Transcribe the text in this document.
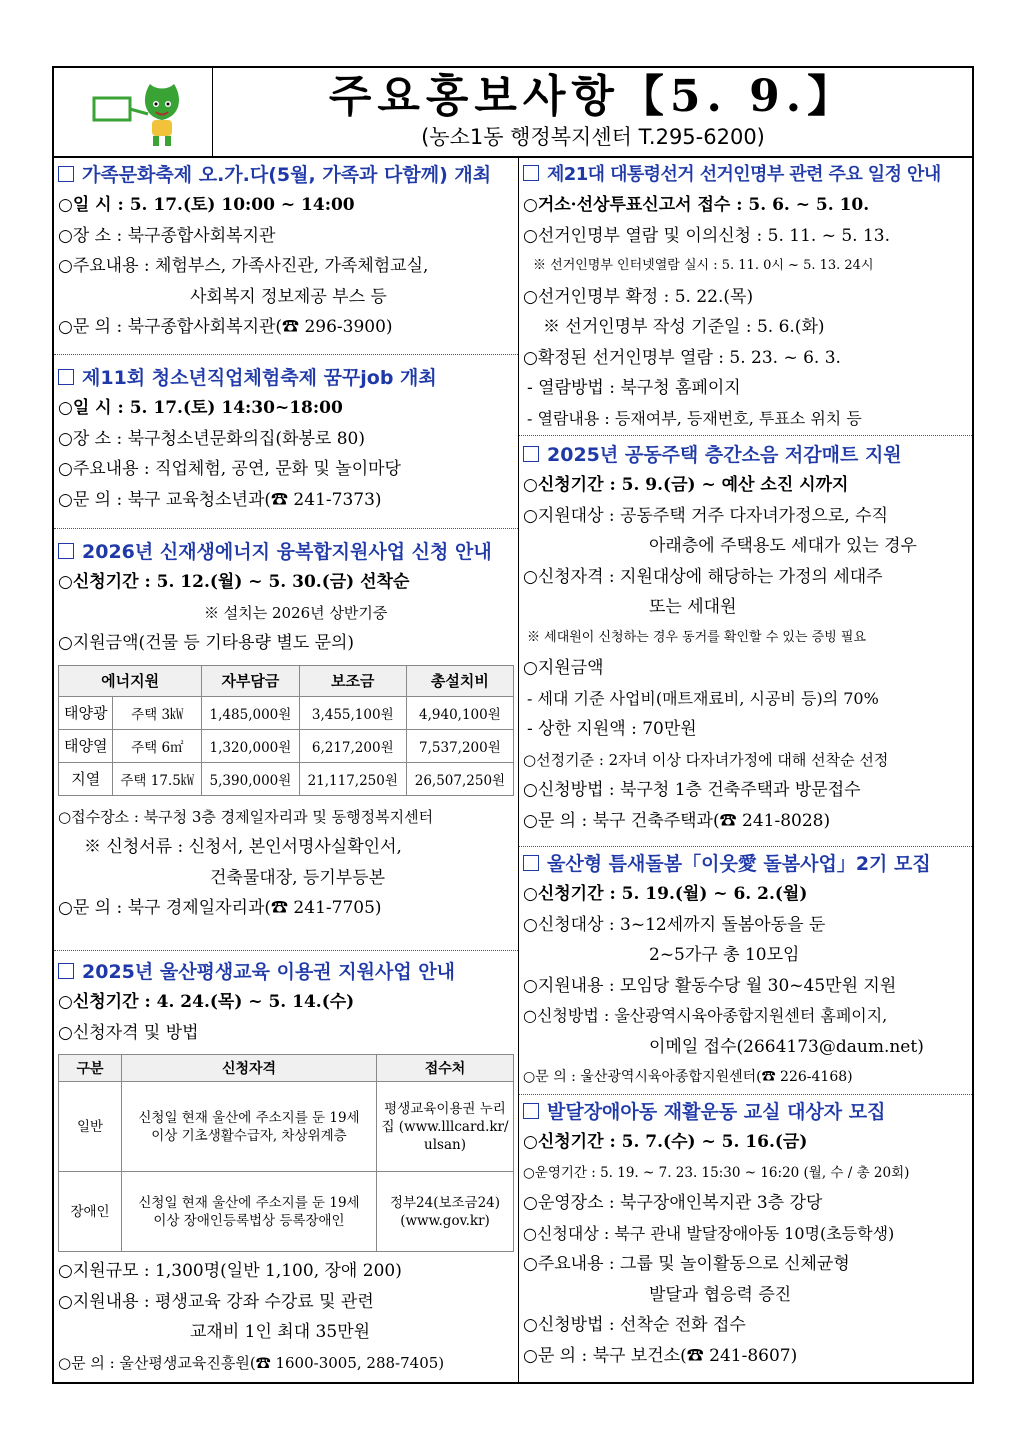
주요홍보사항【5. 9.】
(농소1동 행정복지센터 T.295-6200)
가족문화축제 오.가.다(5월, 가족과 다함께) 개최
○일 시 : 5. 17.(토) 10:00 ~ 14:00
○장 소 : 북구종합사회복지관
○주요내용 : 체험부스, 가족사진관, 가족체험교실,
사회복지 정보제공 부스 등
○문 의 : 북구종합사회복지관(☎ 296-3900)
제11회 청소년직업체험축제 꿈꾸job 개최
○일 시 : 5. 17.(토) 14:30~18:00
○장 소 : 북구청소년문화의집(화봉로 80)
○주요내용 : 직업체험, 공연, 문화 및 놀이마당
○문 의 : 북구 교육청소년과(☎ 241-7373)
2026년 신재생에너지 융복합지원사업 신청 안내
○신청기간 : 5. 12.(월) ~ 5. 30.(금) 선착순
※ 설치는 2026년 상반기중
○지원금액(건물 등 기타용량 별도 문의)
에너지원		자부담금	보조금	총설치비
태양광	주택 3㎾	1,485,000원	3,455,100원	4,940,100원
태양열	주택 6㎡	1,320,000원	6,217,200원	7,537,200원
지열	주택 17.5㎾	5,390,000원	21,117,250원	26,507,250원
○접수장소 : 북구청 3층 경제일자리과 및 동행정복지센터
※ 신청서류 : 신청서, 본인서명사실확인서,
건축물대장, 등기부등본
○문 의 : 북구 경제일자리과(☎ 241-7705)
2025년 울산평생교육 이용권 지원사업 안내
○신청기간 : 4. 24.(목) ~ 5. 14.(수)
○신청자격 및 방법
구분	신청자격	접수처
일반	신청일 현재 울산에 주소지를 둔 19세 이상 기초생활수급자, 차상위계층	평생교육이용권 누리집 (www.lllcard.kr/ ulsan)
장애인	신청일 현재 울산에 주소지를 둔 19세 이상 장애인등록법상 등록장애인	정부24(보조금24) (www.gov.kr)
○지원규모 : 1,300명(일반 1,100, 장애 200)
○지원내용 : 평생교육 강좌 수강료 및 관련
교재비 1인 최대 35만원
○문 의 : 울산평생교육진흥원(☎ 1600-3005, 288-7405)
제21대 대통령선거 선거인명부 관련 주요 일정 안내
○거소·선상투표신고서 접수 : 5. 6. ~ 5. 10.
○선거인명부 열람 및 이의신청 : 5. 11. ~ 5. 13.
※ 선거인명부 인터넷열람 실시 : 5. 11. 0시 ~ 5. 13. 24시
○선거인명부 확정 : 5. 22.(목)
※ 선거인명부 작성 기준일 : 5. 6.(화)
○확정된 선거인명부 열람 : 5. 23. ~ 6. 3.
- 열람방법 : 북구청 홈페이지
- 열람내용 : 등재여부, 등재번호, 투표소 위치 등
2025년 공동주택 층간소음 저감매트 지원
○신청기간 : 5. 9.(금) ~ 예산 소진 시까지
○지원대상 : 공동주택 거주 다자녀가정으로, 수직
아래층에 주택용도 세대가 있는 경우
○신청자격 : 지원대상에 해당하는 가정의 세대주
또는 세대원
※ 세대원이 신청하는 경우 동거를 확인할 수 있는 증빙 필요
○지원금액
- 세대 기준 사업비(매트재료비, 시공비 등)의 70%
- 상한 지원액 : 70만원
○선정기준 : 2자녀 이상 다자녀가정에 대해 선착순 선정
○신청방법 : 북구청 1층 건축주택과 방문접수
○문 의 : 북구 건축주택과(☎ 241-8028)
울산형 틈새돌봄「이웃愛 돌봄사업」2기 모집
○신청기간 : 5. 19.(월) ~ 6. 2.(월)
○신청대상 : 3~12세까지 돌봄아동을 둔
2~5가구 총 10모임
○지원내용 : 모임당 활동수당 월 30~45만원 지원
○신청방법 : 울산광역시육아종합지원센터 홈페이지,
이메일 접수(2664173@daum.net)
○문 의 : 울산광역시육아종합지원센터(☎ 226-4168)
발달장애아동 재활운동 교실 대상자 모집
○신청기간 : 5. 7.(수) ~ 5. 16.(금)
○운영기간 : 5. 19. ~ 7. 23. 15:30 ~ 16:20 (월, 수 / 총 20회)
○운영장소 : 북구장애인복지관 3층 강당
○신청대상 : 북구 관내 발달장애아동 10명(초등학생)
○주요내용 : 그룹 및 놀이활동으로 신체균형
발달과 협응력 증진
○신청방법 : 선착순 전화 접수
○문 의 : 북구 보건소(☎ 241-8607)
